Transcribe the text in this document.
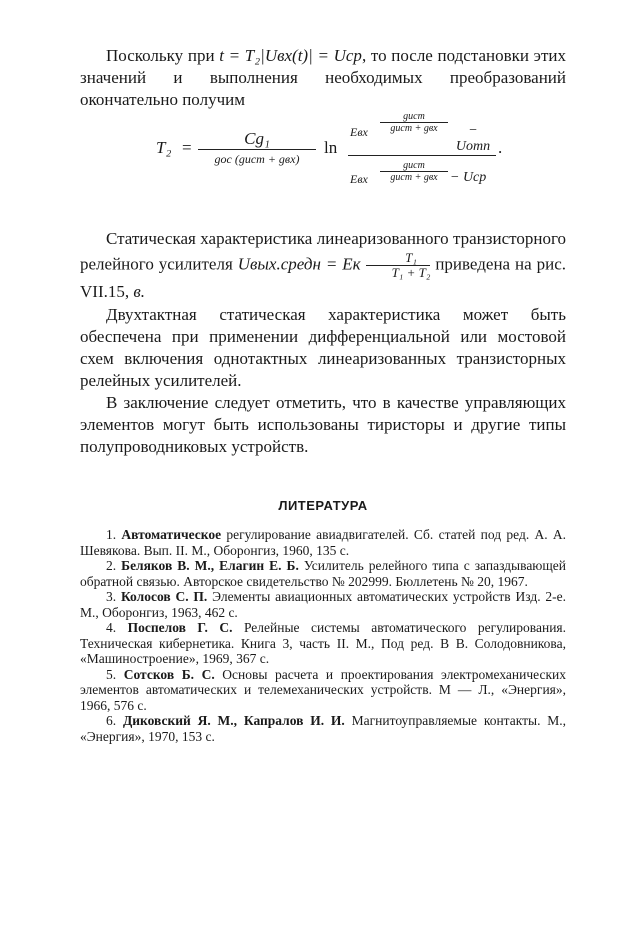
Поскольку при t = T₂|Uвх(t)| = Uср, то после подстановки этих значений и выполнения необходимых преобразований окончательно получим

T₂ =	Cg₁
gос (gист + gвх)
ln
Eвх
gист
gист + gвх	− Uотп
Eвх
gист
gист + gвх − Uср
.

Статическая характеристика линеаризованного транзисторного релейного усилителя Uвых.средн = Eк $\frac{\text{T₁}}{\text{T₁ + T₂}}$ приведена на рис. VII.15, в.

Двухтактная статическая характеристика может быть обеспечена при применении дифференциальной или мостовой схем включения однотактных линеаризованных транзисторных релейных усилителей.

В заключение следует отметить, что в качестве управляющих элементов могут быть использованы тиристоры и другие типы полупроводниковых устройств.

ЛИТЕРАТУРА

1. Автоматическое регулирование авиадвигателей. Сб. статей под ред. А. А. Шевякова. Вып. II. М., Оборонгиз, 1960, 135 с.

2. Беляков В. М., Елагин Е. Б. Усилитель релейного типа с запаздывающей обратной связью. Авторское свидетельство № 202999. Бюллетень № 20, 1967.

3. Колосов С. П. Элементы авиационных автоматических устройств Изд. 2-е. М., Оборонгиз, 1963, 462 с.

4. Поспелов Г. С. Релейные системы автоматического регулирования. Техническая кибернетика. Книга 3, часть II. М., Под ред. В В. Солодовникова, «Машиностроение», 1969, 367 с.

5. Сотсков Б. С. Основы расчета и проектирования электромеханических элементов автоматических и телемеханических устройств. М — Л., «Энергия», 1966, 576 с.

6. Диковский Я. М., Капралов И. И. Магнитоуправляемые контакты. М., «Энергия», 1970, 153 с.
